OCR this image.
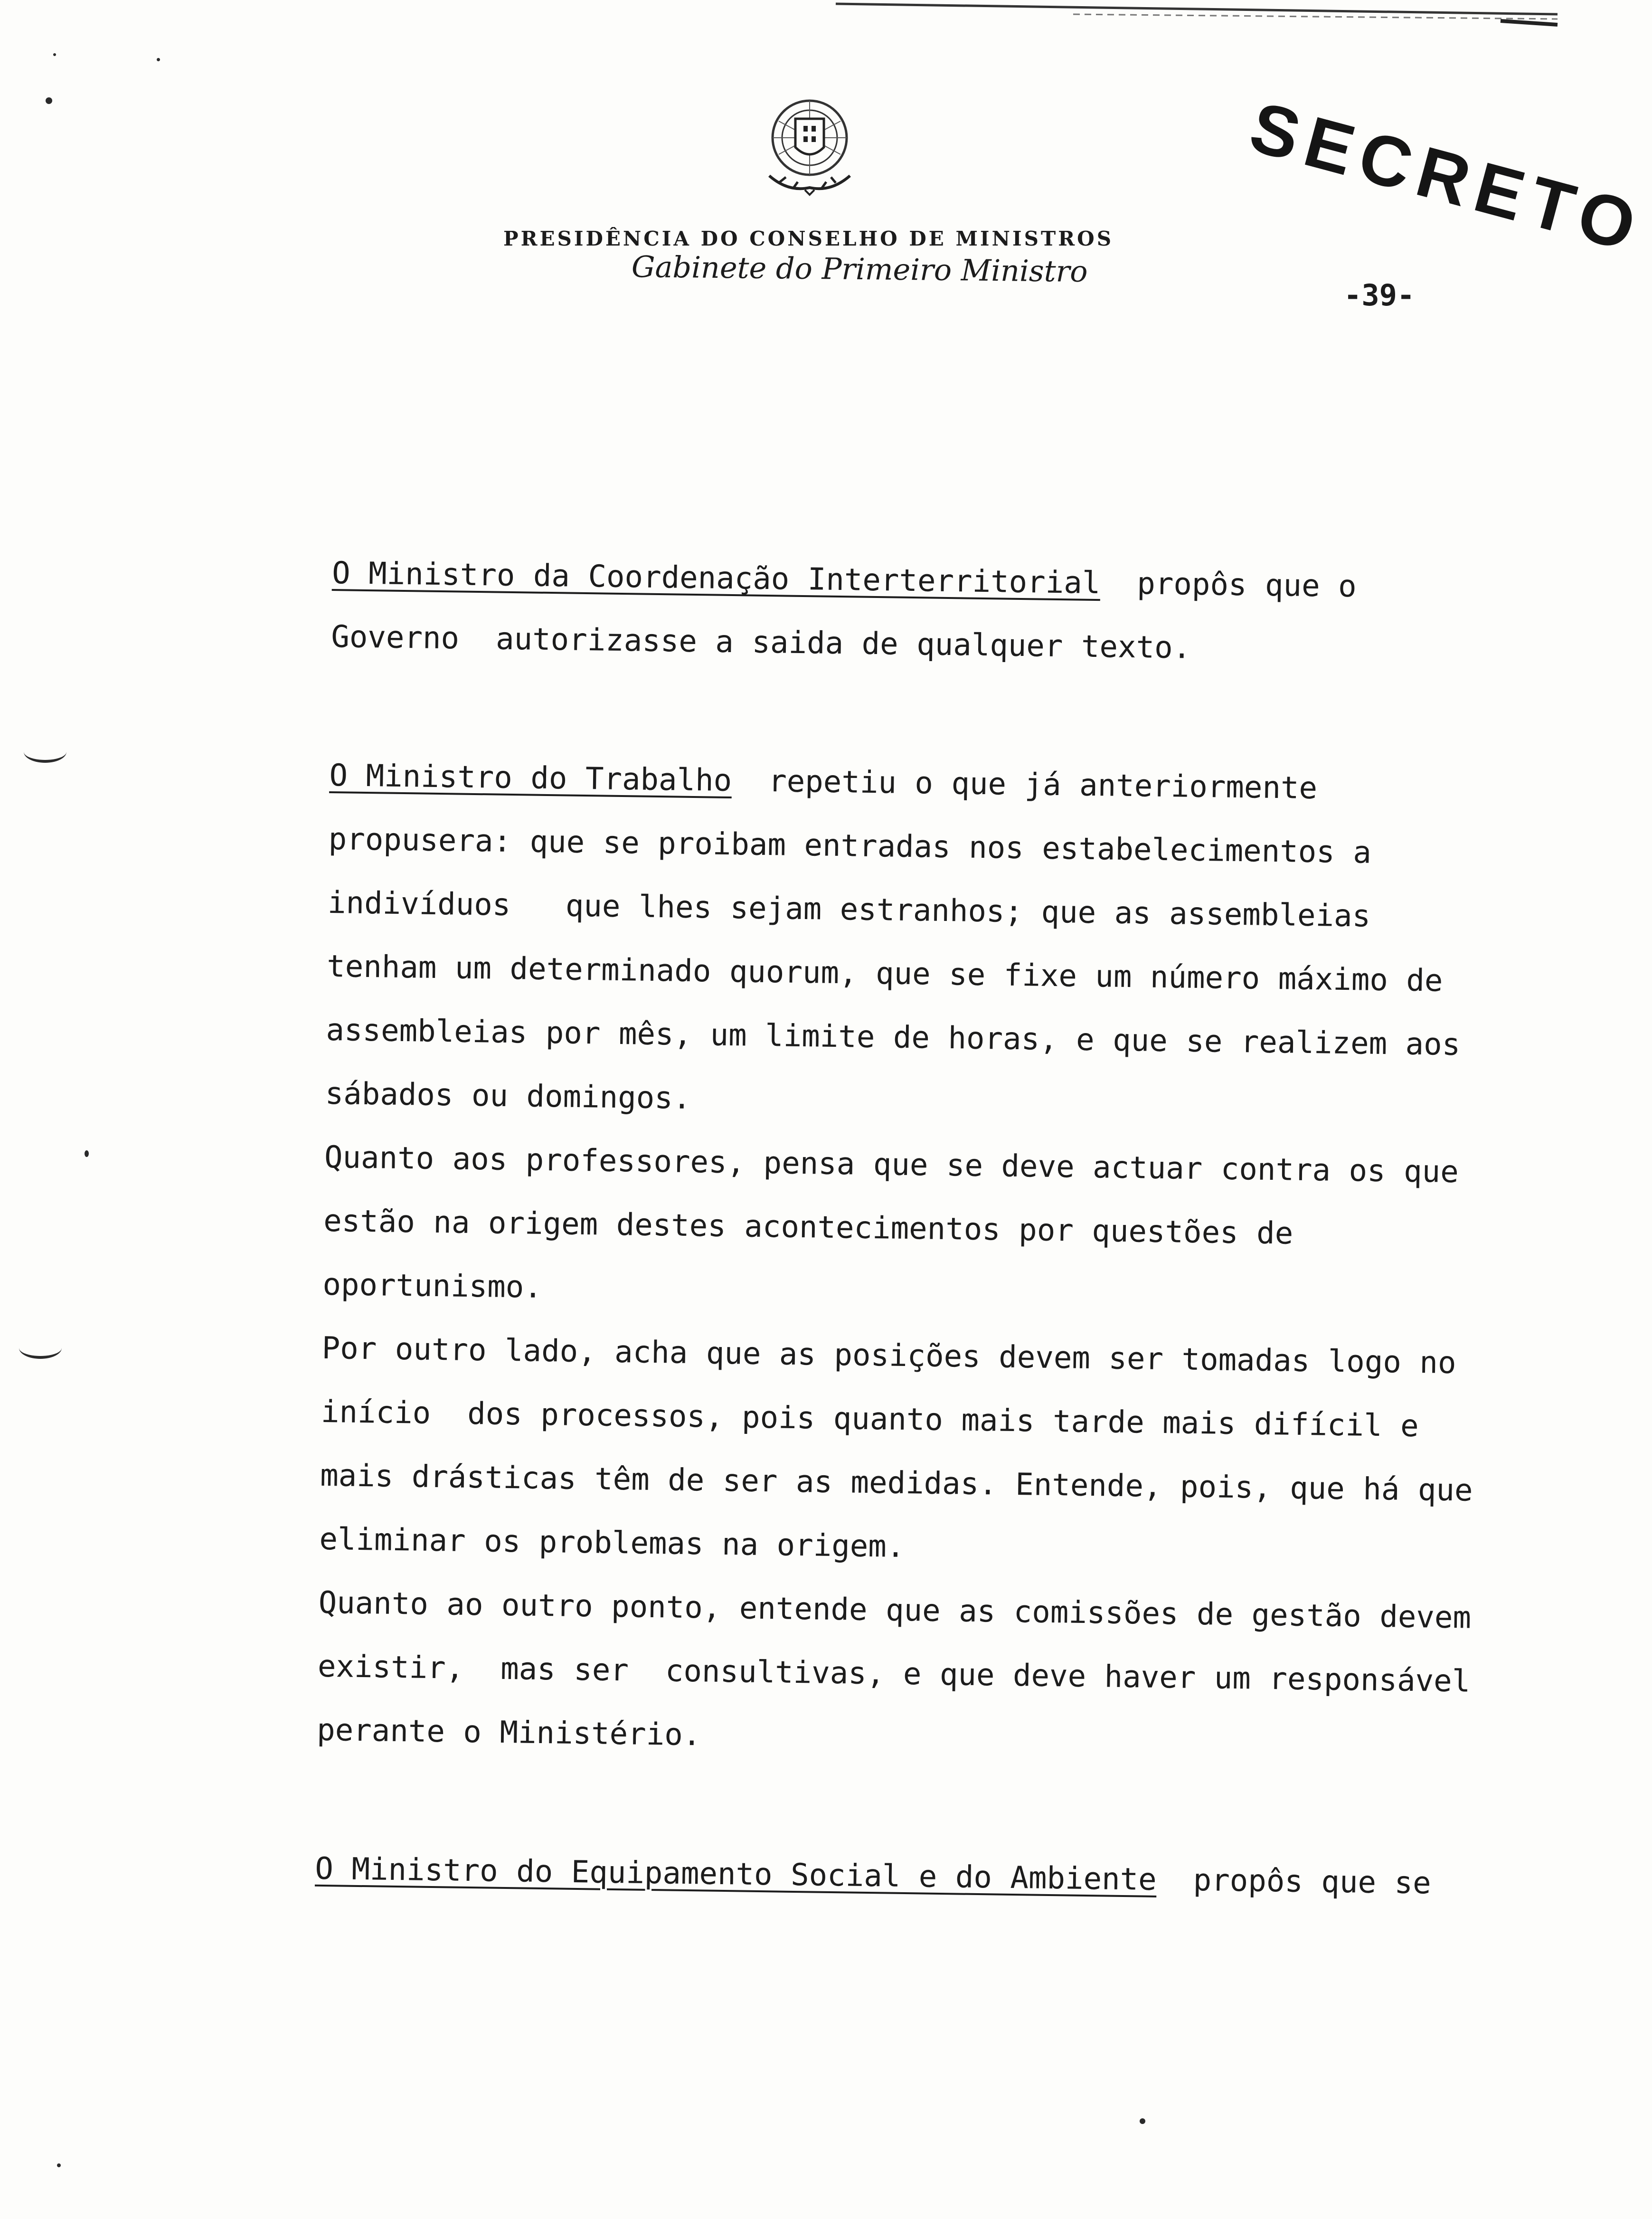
PRESIDÊNCIA DO CONSELHO DE MINISTROS
Gabinete do Primeiro Ministro
-39-
SECRETO

O Ministro da Coordenação Interterritorial  propôs que o Governo  autorizasse a saida de qualquer texto.

O Ministro do Trabalho  repetiu o que já anteriormente propusera: que se proibam entradas nos estabelecimentos a indivíduos   que lhes sejam estranhos; que as assembleias tenham um determinado quorum, que se fixe um número máximo de assembleias por mês, um limite de horas, e que se realizem aos sábados ou domingos.

Quanto aos professores, pensa que se deve actuar contra os que estão na origem destes acontecimentos por questões de oportunismo.

Por outro lado, acha que as posições devem ser tomadas logo no início  dos processos, pois quanto mais tarde mais difícil e mais drásticas têm de ser as medidas. Entende, pois, que há que eliminar os problemas na origem.

Quanto ao outro ponto, entende que as comissões de gestão devem existir,  mas ser  consultivas, e que deve haver um responsável  perante o Ministério.

O Ministro do Equipamento Social e do Ambiente  propôs que se
